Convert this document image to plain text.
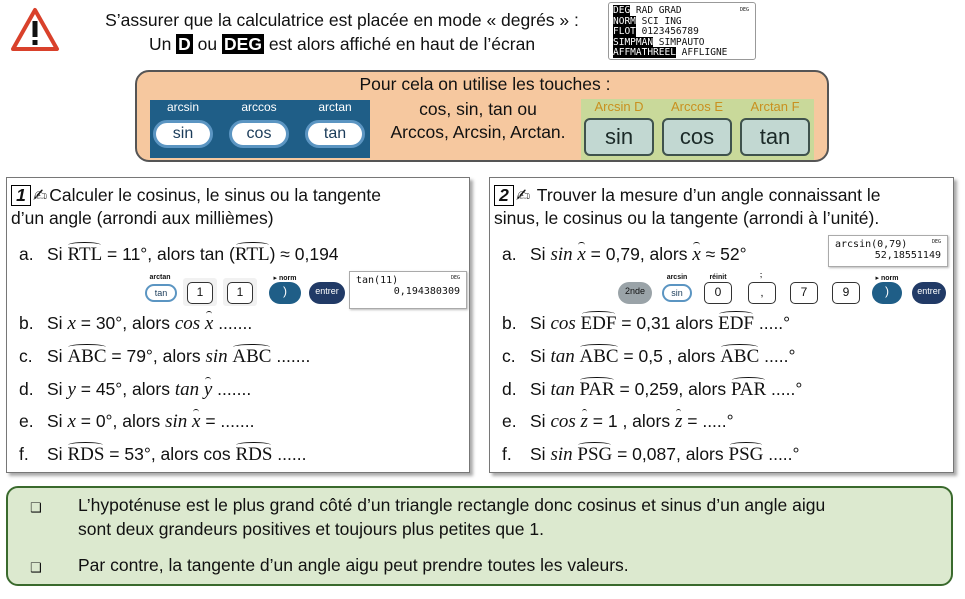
S’assurer que la calculatrice est placée en mode « degrés » :
Un D ou DEG est alors affiché en haut de l’écran
DEG
DEG RAD GRAD
NORM SCI ING
FLOT 0123456789
SIMPMAN SIMPAUTO
AFFMATHREEL AFFLIGNE
Pour cela on utilise les touches :
cos, sin, tan ou
Arccos, Arcsin, Arctan.
arcsin
sin
arccos
cos
arctan
tan
Arcsin D
sin
Arccos E
cos
Arctan F
tan
1 ✍ Calculer le cosinus, le sinus ou la tangente
d’un angle (arrondi aux millièmes)
a. Si RTL = 11°, alors tan (RTL) ≈ 0,194
arctan
tan	1	1
▸ norm
)	entrer
DEG
tan(11)
0,194380309
b. Si x = 30°, alors cos x .......
c. Si ABC = 79°, alors sin ABC .......
d. Si y = 45°, alors tan y .......
e. Si x = 0°, alors sin x = .......
f. Si RDS = 53°, alors cos RDS ......
2 ✍ Trouver la mesure d’un angle connaissant le
sinus, le cosinus ou la tangente (arrondi à l’unité).
a. Si sin x = 0,79, alors x ≈ 52°
DEG
arcsin(0,79)
52,18551149
2nde
arcsin
sin
réinit
0
;
‚	7	9
▸ norm
)	entrer
b. Si cos EDF = 0,31 alors EDF .....°
c. Si tan ABC = 0,5 , alors ABC .....°
d. Si tan PAR = 0,259, alors PAR .....°
e. Si cos z = 1 , alors z = .....°
f. Si sin PSG = 0,087, alors PSG .....°
❑ L’hypoténuse est le plus grand côté d’un triangle rectangle donc cosinus et sinus d’un angle aigu
sont deux grandeurs positives et toujours plus petites que 1.
❑ Par contre, la tangente d’un angle aigu peut prendre toutes les valeurs.
